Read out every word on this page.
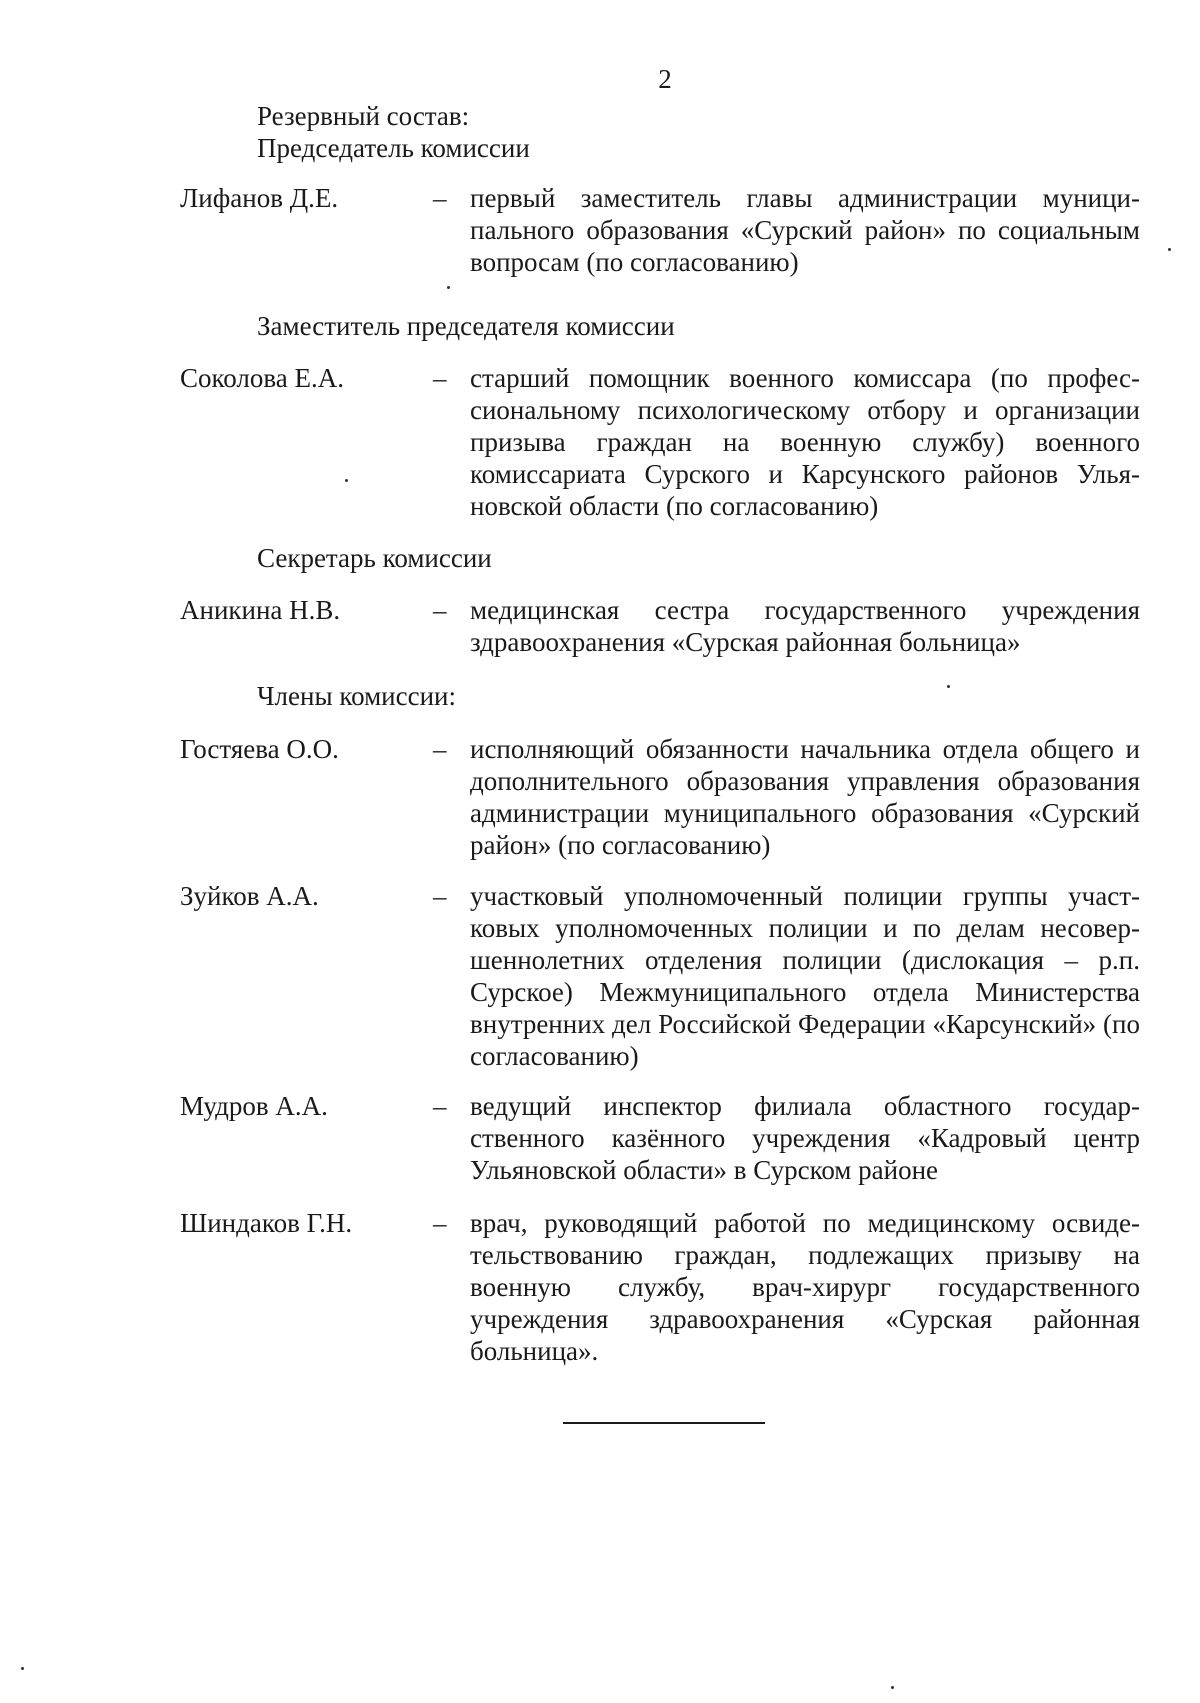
2
Резервный состав:
Председатель комиссии
Лифанов Д.Е.	– первый заместитель главы администрации муниципального образования «Сурский район» по социальным вопросам (по согласованию)
Заместитель председателя комиссии
Соколова Е.А.	– старший помощник военного комиссара (по профессиональному психологическому отбору и организации призыва граждан на военную службу) военного комиссариата Сурского и Карсунского районов Ульяновской области (по согласованию)
Секретарь комиссии
Аникина Н.В.	– медицинская сестра государственного учреждения здравоохранения «Сурская районная больница»
Члены комиссии:
Гостяева О.О.	– исполняющий обязанности начальника отдела общего и дополнительного образования управления образования администрации муниципального образования «Сурский район» (по согласованию)
Зуйков А.А.	– участковый уполномоченный полиции группы участковых уполномоченных полиции и по делам несовершеннолетних отделения полиции (дислокация – р.п. Сурское) Межмуниципального отдела Министерства внутренних дел Российской Федерации «Карсунский» (по согласованию)
Мудров А.А.	– ведущий инспектор филиала областного государственного казённого учреждения «Кадровый центр Ульяновской области» в Сурском районе
Шиндаков Г.Н.	– врач, руководящий работой по медицинскому освидетельствованию граждан, подлежащих призыву на военную службу, врач-хирург государственного учреждения здравоохранения «Сурская районная больница».
